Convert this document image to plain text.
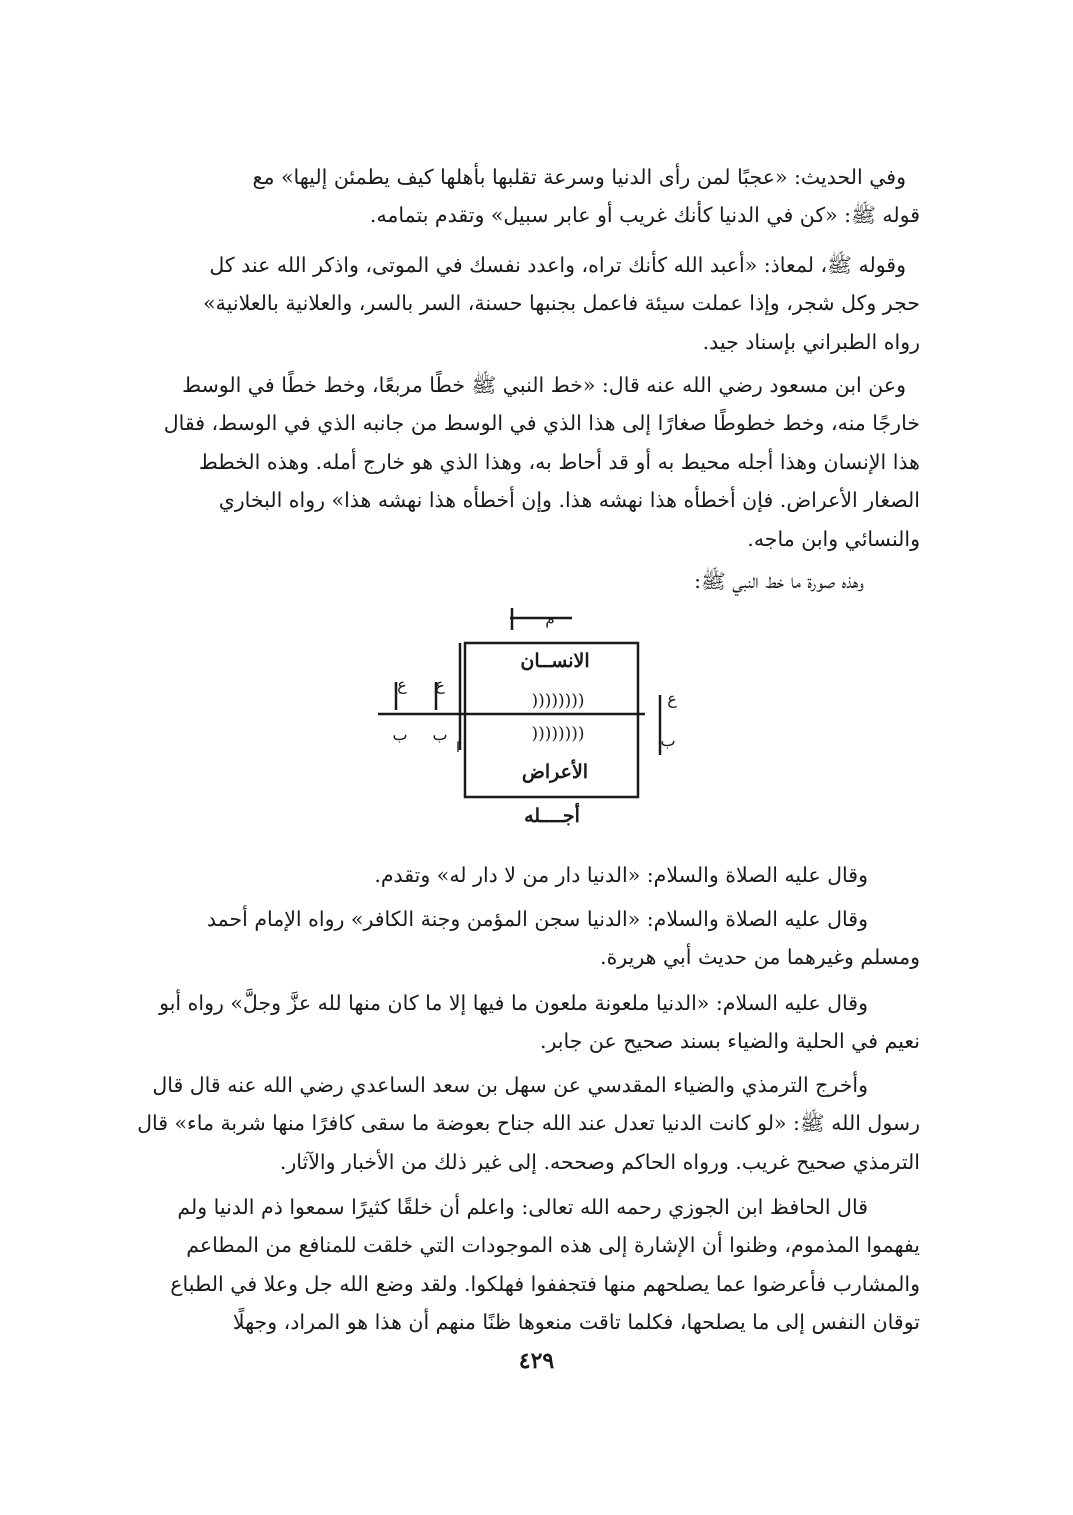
وفي الحديث: «عجبًا لمن رأى الدنيا وسرعة تقلبها بأهلها كيف يطمئن إليها» مع
قوله ﷺ: «كن في الدنيا كأنك غريب أو عابر سبيل» وتقدم بتمامه.
وقوله ﷺ، لمعاذ: «أعبد الله كأنك تراه، واعدد نفسك في الموتى، واذكر الله عند كل
حجر وكل شجر، وإذا عملت سيئة فاعمل بجنبها حسنة، السر بالسر، والعلانية بالعلانية»
رواه الطبراني بإسناد جيد.
وعن ابن مسعود رضي الله عنه قال: «خط النبي ﷺ خطًا مربعًا، وخط خطًا في الوسط
خارجًا منه، وخط خطوطًا صغارًا إلى هذا الذي في الوسط من جانبه الذي في الوسط، فقال
هذا الإنسان وهذا أجله محيط به أو قد أحاط به، وهذا الذي هو خارج أمله. وهذه الخطط
الصغار الأعراض. فإن أخطأه هذا نهشه هذا. وإن أخطأه هذا نهشه هذا» رواه البخاري
والنسائي وابن ماجه.
وهذه صورة ما خط النبي ﷺ:
م
الانســان
))))))))
))))))))
الأعراض
أجــــله
ع ع
ع
ب ب	ب
ا
وقال عليه الصلاة والسلام: «الدنيا دار من لا دار له» وتقدم.
وقال عليه الصلاة والسلام: «الدنيا سجن المؤمن وجنة الكافر» رواه الإمام أحمد
ومسلم وغيرهما من حديث أبي هريرة.
وقال عليه السلام: «الدنيا ملعونة ملعون ما فيها إلا ما كان منها لله عزَّ وجلَّ» رواه أبو
نعيم في الحلية والضياء بسند صحيح عن جابر.
وأخرج الترمذي والضياء المقدسي عن سهل بن سعد الساعدي رضي الله عنه قال قال
رسول الله ﷺ: «لو كانت الدنيا تعدل عند الله جناح بعوضة ما سقى كافرًا منها شربة ماء» قال
الترمذي صحيح غريب. ورواه الحاكم وصححه. إلى غير ذلك من الأخبار والآثار.
قال الحافظ ابن الجوزي رحمه الله تعالى: واعلم أن خلقًا كثيرًا سمعوا ذم الدنيا ولم
يفهموا المذموم، وظنوا أن الإشارة إلى هذه الموجودات التي خلقت للمنافع من المطاعم
والمشارب فأعرضوا عما يصلحهم منها فتجففوا فهلكوا. ولقد وضع الله جل وعلا في الطباع
توقان النفس إلى ما يصلحها، فكلما تاقت منعوها ظنًا منهم أن هذا هو المراد، وجهلًا
٤٢٩
